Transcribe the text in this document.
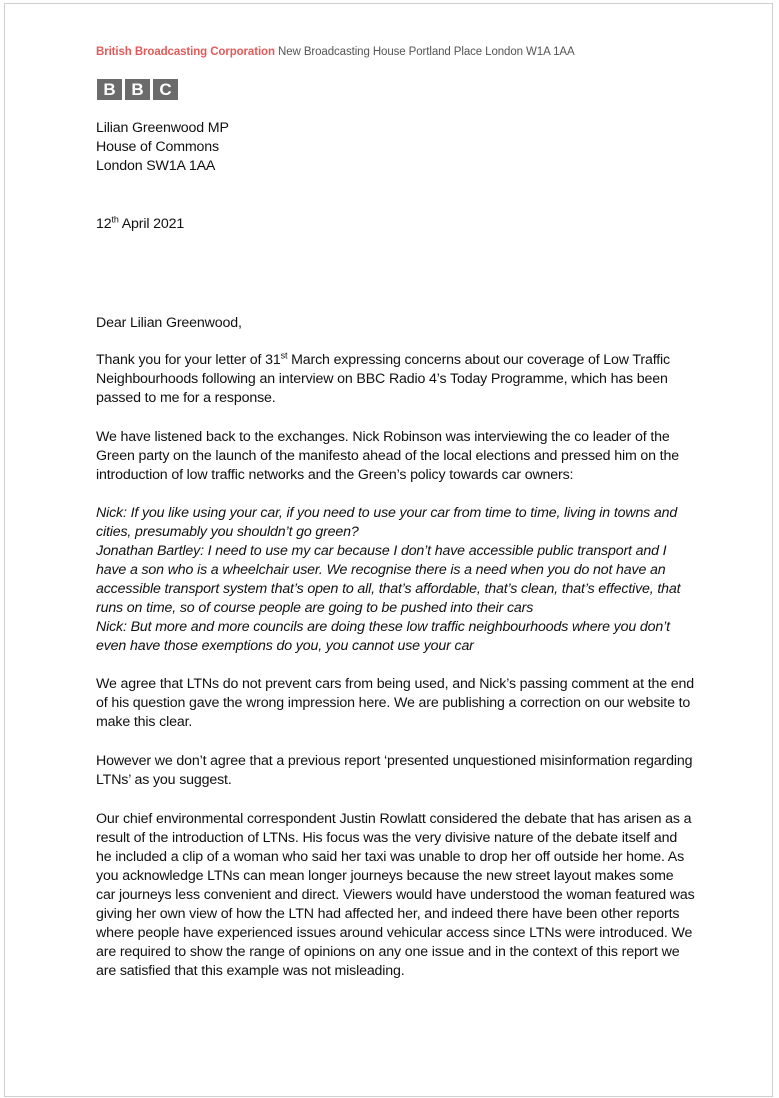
British Broadcasting Corporation New Broadcasting House Portland Place London W1A 1AA
B B C
Lilian Greenwood MP
House of Commons
London SW1A 1AA
12th April 2021
Dear Lilian Greenwood,
Thank you for your letter of 31st March expressing concerns about our coverage of Low Traffic Neighbourhoods following an interview on BBC Radio 4’s Today Programme, which has been passed to me for a response.
We have listened back to the exchanges. Nick Robinson was interviewing the co leader of the Green party on the launch of the manifesto ahead of the local elections and pressed him on the introduction of low traffic networks and the Green’s policy towards car owners:
Nick: If you like using your car, if you need to use your car from time to time, living in towns and cities, presumably you shouldn’t go green?
Jonathan Bartley: I need to use my car because I don’t have accessible public transport and I have a son who is a wheelchair user. We recognise there is a need when you do not have an accessible transport system that’s open to all, that’s affordable, that’s clean, that’s effective, that runs on time, so of course people are going to be pushed into their cars
Nick: But more and more councils are doing these low traffic neighbourhoods where you don’t even have those exemptions do you, you cannot use your car
We agree that LTNs do not prevent cars from being used, and Nick’s passing comment at the end of his question gave the wrong impression here. We are publishing a correction on our website to make this clear.
However we don’t agree that a previous report ‘presented unquestioned misinformation regarding LTNs’ as you suggest.
Our chief environmental correspondent Justin Rowlatt considered the debate that has arisen as a result of the introduction of LTNs. His focus was the very divisive nature of the debate itself and he included a clip of a woman who said her taxi was unable to drop her off outside her home. As you acknowledge LTNs can mean longer journeys because the new street layout makes some car journeys less convenient and direct. Viewers would have understood the woman featured was giving her own view of how the LTN had affected her, and indeed there have been other reports where people have experienced issues around vehicular access since LTNs were introduced. We are required to show the range of opinions on any one issue and in the context of this report we are satisfied that this example was not misleading.
